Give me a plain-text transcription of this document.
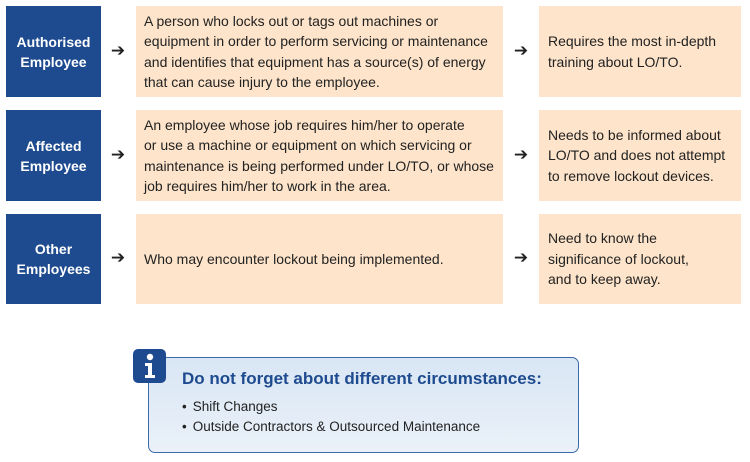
Authorised
Employee
➔
A person who locks out or tags out machines or
equipment in order to perform servicing or maintenance
and identifies that equipment has a source(s) of energy
that can cause injury to the employee.
➔ Requires the most in-depth
training about LO/TO.
Affected
Employee
➔
An employee whose job requires him/her to operate
or use a machine or equipment on which servicing or
maintenance is being performed under LO/TO, or whose
job requires him/her to work in the area.
➔
Needs to be informed about
LO/TO and does not attempt
to remove lockout devices.
Other
Employees
➔ Who may encounter lockout being implemented.	➔
Need to know the
significance of lockout,
and to keep away.
Do not forget about different circumstances:
• Shift Changes
• Outside Contractors & Outsourced Maintenance
